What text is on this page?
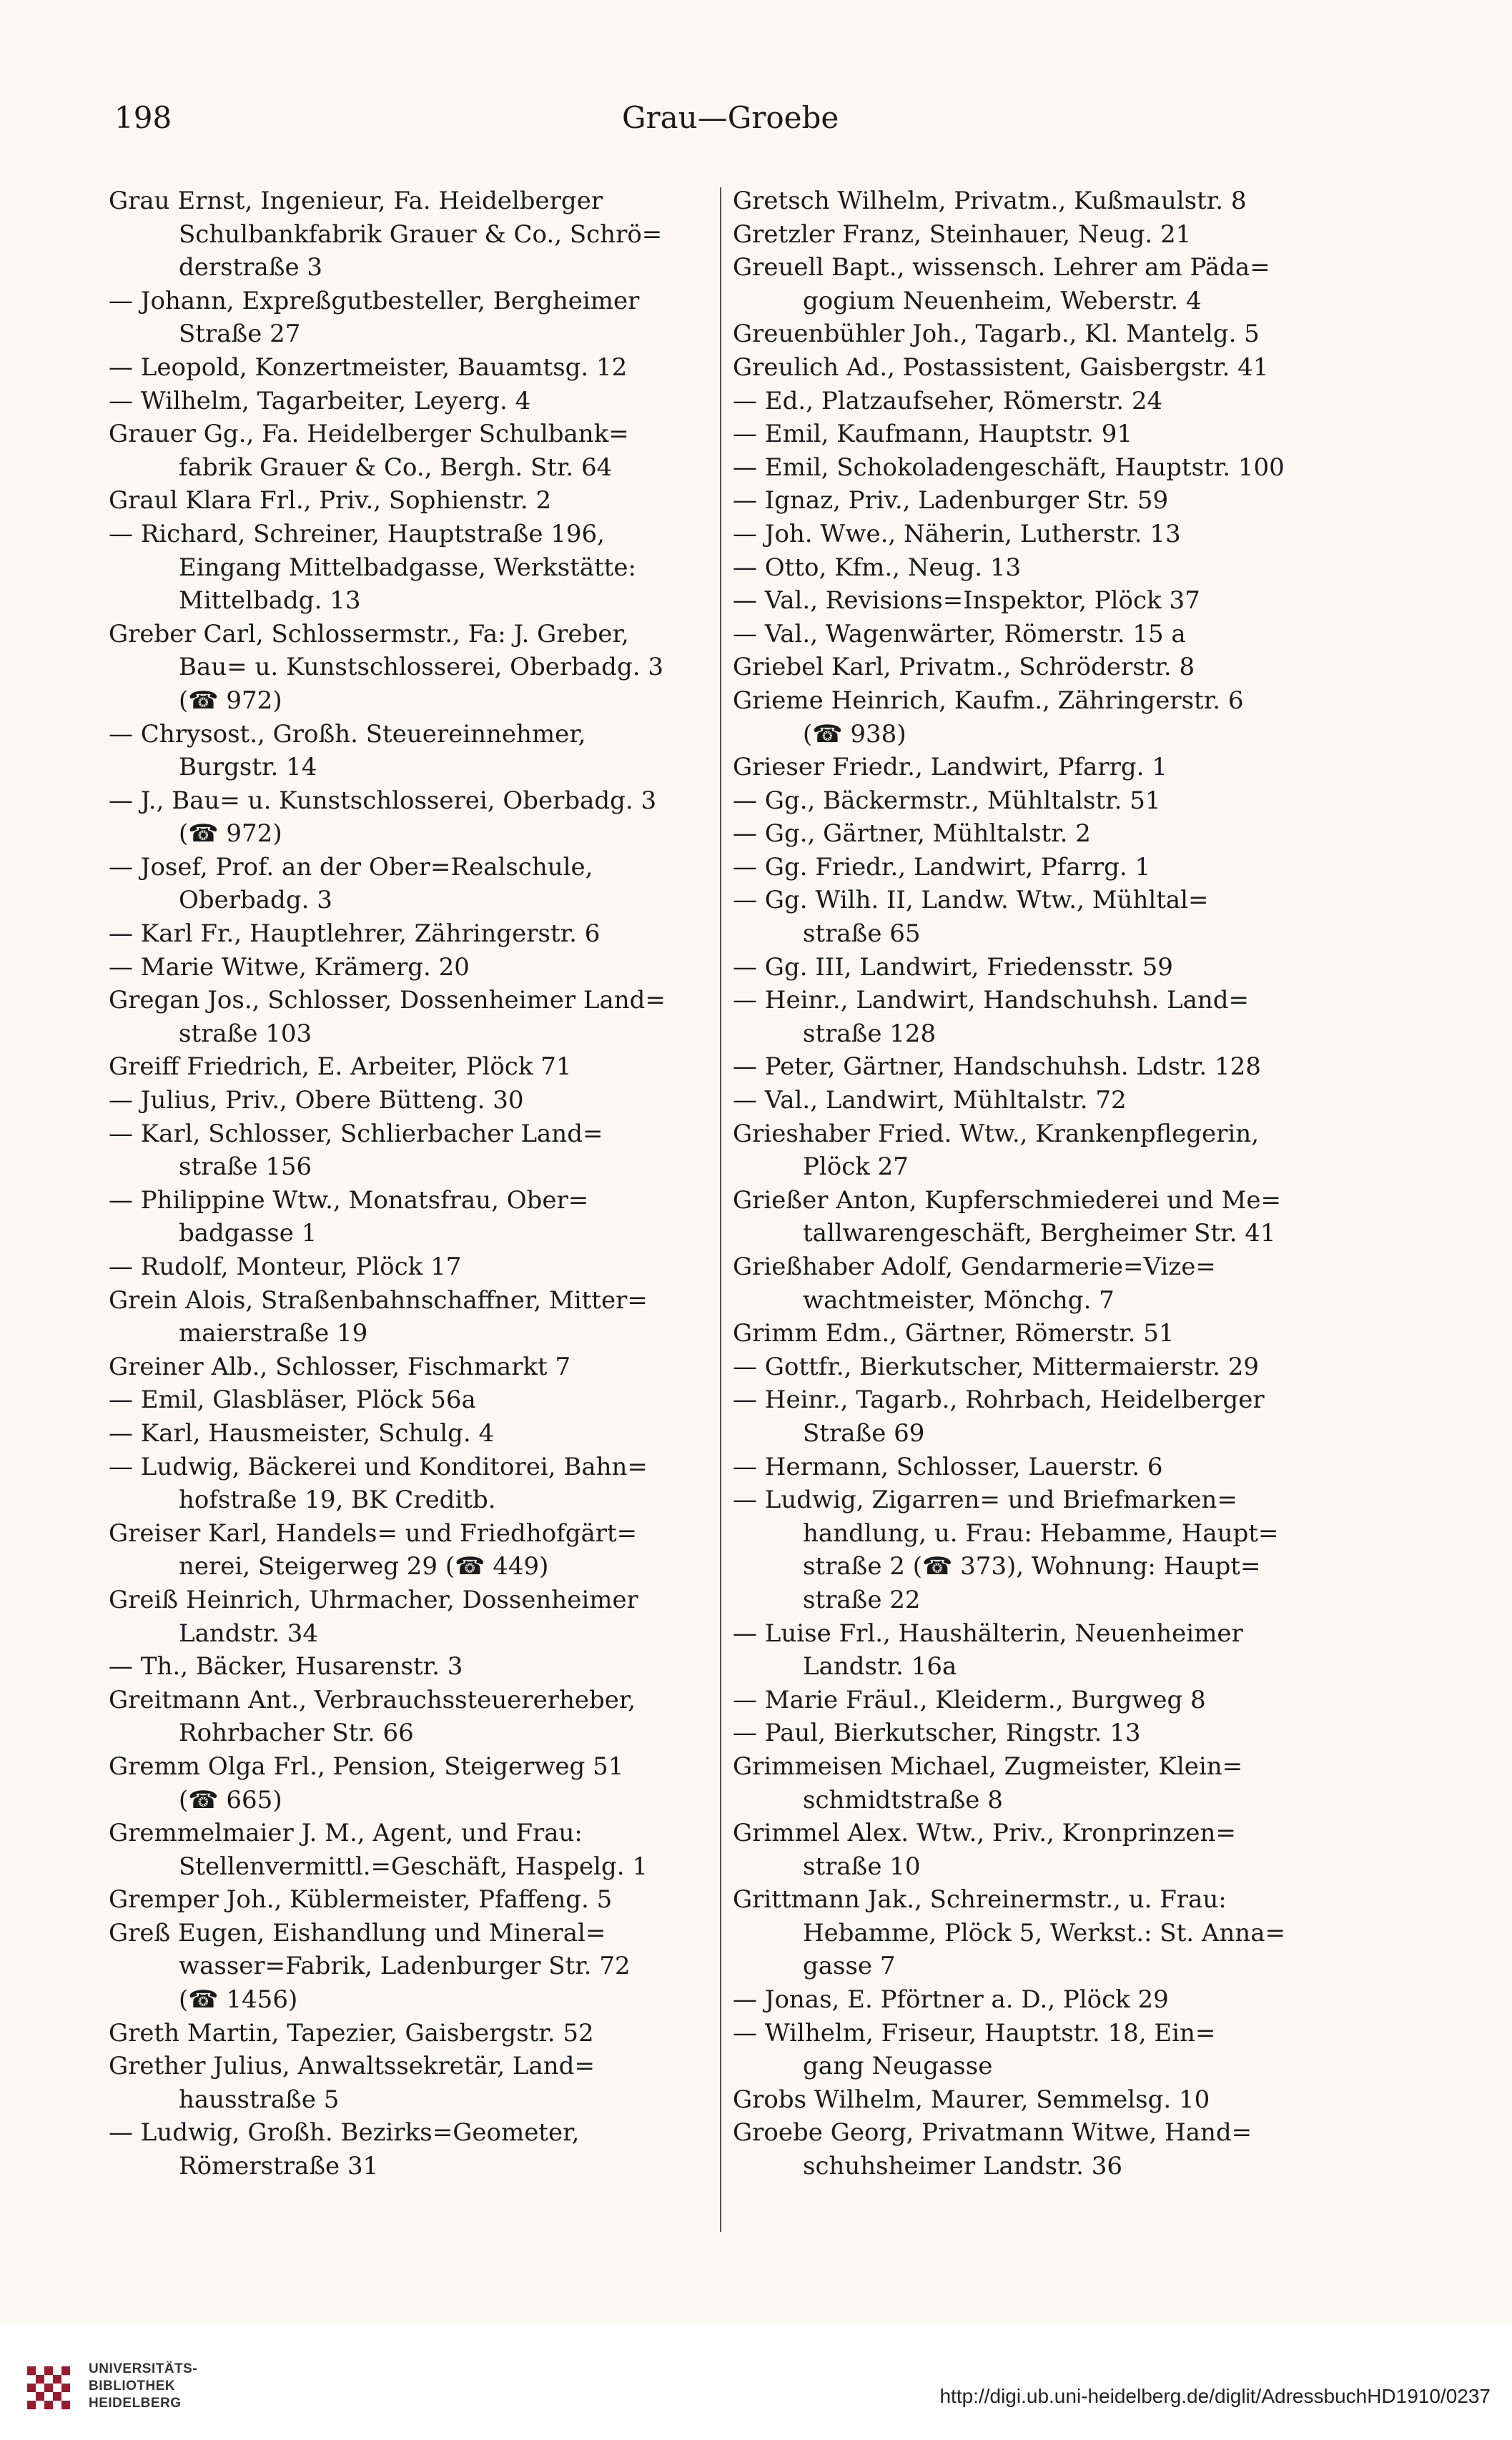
198	Grau—Groebe
Grau Ernst, Ingenieur, Fa. Heidelberger
Schulbankfabrik Grauer & Co., Schrö=
derstraße 3
— Johann, Expreßgutbesteller, Bergheimer
Straße 27
— Leopold, Konzertmeister, Bauamtsg. 12
— Wilhelm, Tagarbeiter, Leyerg. 4
Grauer Gg., Fa. Heidelberger Schulbank=
fabrik Grauer & Co., Bergh. Str. 64
Graul Klara Frl., Priv., Sophienstr. 2
— Richard, Schreiner, Hauptstraße 196,
Eingang Mittelbadgasse, Werkstätte:
Mittelbadg. 13
Greber Carl, Schlossermstr., Fa: J. Greber,
Bau= u. Kunstschlosserei, Oberbadg. 3
(☎ 972)
— Chrysost., Großh. Steuereinnehmer,
Burgstr. 14
— J., Bau= u. Kunstschlosserei, Oberbadg. 3
(☎ 972)
— Josef, Prof. an der Ober=Realschule,
Oberbadg. 3
— Karl Fr., Hauptlehrer, Zähringerstr. 6
— Marie Witwe, Krämerg. 20
Gregan Jos., Schlosser, Dossenheimer Land=
straße 103
Greiff Friedrich, E. Arbeiter, Plöck 71
— Julius, Priv., Obere Bütteng. 30
— Karl, Schlosser, Schlierbacher Land=
straße 156
— Philippine Wtw., Monatsfrau, Ober=
badgasse 1
— Rudolf, Monteur, Plöck 17
Grein Alois, Straßenbahnschaffner, Mitter=
maierstraße 19
Greiner Alb., Schlosser, Fischmarkt 7
— Emil, Glasbläser, Plöck 56a
— Karl, Hausmeister, Schulg. 4
— Ludwig, Bäckerei und Konditorei, Bahn=
hofstraße 19, BK Creditb.
Greiser Karl, Handels= und Friedhofgärt=
nerei, Steigerweg 29 (☎ 449)
Greiß Heinrich, Uhrmacher, Dossenheimer
Landstr. 34
— Th., Bäcker, Husarenstr. 3
Greitmann Ant., Verbrauchssteuererheber,
Rohrbacher Str. 66
Gremm Olga Frl., Pension, Steigerweg 51
(☎ 665)
Gremmelmaier J. M., Agent, und Frau:
Stellenvermittl.=Geschäft, Haspelg. 1
Gremper Joh., Küblermeister, Pfaffeng. 5
Greß Eugen, Eishandlung und Mineral=
wasser=Fabrik, Ladenburger Str. 72
(☎ 1456)
Greth Martin, Tapezier, Gaisbergstr. 52
Grether Julius, Anwaltssekretär, Land=
hausstraße 5
— Ludwig, Großh. Bezirks=Geometer,
Römerstraße 31
Gretsch Wilhelm, Privatm., Kußmaulstr. 8
Gretzler Franz, Steinhauer, Neug. 21
Greuell Bapt., wissensch. Lehrer am Päda=
gogium Neuenheim, Weberstr. 4
Greuenbühler Joh., Tagarb., Kl. Mantelg. 5
Greulich Ad., Postassistent, Gaisbergstr. 41
— Ed., Platzaufseher, Römerstr. 24
— Emil, Kaufmann, Hauptstr. 91
— Emil, Schokoladengeschäft, Hauptstr. 100
— Ignaz, Priv., Ladenburger Str. 59
— Joh. Wwe., Näherin, Lutherstr. 13
— Otto, Kfm., Neug. 13
— Val., Revisions=Inspektor, Plöck 37
— Val., Wagenwärter, Römerstr. 15 a
Griebel Karl, Privatm., Schröderstr. 8
Grieme Heinrich, Kaufm., Zähringerstr. 6
(☎ 938)
Grieser Friedr., Landwirt, Pfarrg. 1
— Gg., Bäckermstr., Mühltalstr. 51
— Gg., Gärtner, Mühltalstr. 2
— Gg. Friedr., Landwirt, Pfarrg. 1
— Gg. Wilh. II, Landw. Wtw., Mühltal=
straße 65
— Gg. III, Landwirt, Friedensstr. 59
— Heinr., Landwirt, Handschuhsh. Land=
straße 128
— Peter, Gärtner, Handschuhsh. Ldstr. 128
— Val., Landwirt, Mühltalstr. 72
Grieshaber Fried. Wtw., Krankenpflegerin,
Plöck 27
Grießer Anton, Kupferschmiederei und Me=
tallwarengeschäft, Bergheimer Str. 41
Grießhaber Adolf, Gendarmerie=Vize=
wachtmeister, Mönchg. 7
Grimm Edm., Gärtner, Römerstr. 51
— Gottfr., Bierkutscher, Mittermaierstr. 29
— Heinr., Tagarb., Rohrbach, Heidelberger
Straße 69
— Hermann, Schlosser, Lauerstr. 6
— Ludwig, Zigarren= und Briefmarken=
handlung, u. Frau: Hebamme, Haupt=
straße 2 (☎ 373), Wohnung: Haupt=
straße 22
— Luise Frl., Haushälterin, Neuenheimer
Landstr. 16a
— Marie Fräul., Kleiderm., Burgweg 8
— Paul, Bierkutscher, Ringstr. 13
Grimmeisen Michael, Zugmeister, Klein=
schmidtstraße 8
Grimmel Alex. Wtw., Priv., Kronprinzen=
straße 10
Grittmann Jak., Schreinermstr., u. Frau:
Hebamme, Plöck 5, Werkst.: St. Anna=
gasse 7
— Jonas, E. Pförtner a. D., Plöck 29
— Wilhelm, Friseur, Hauptstr. 18, Ein=
gang Neugasse
Grobs Wilhelm, Maurer, Semmelsg. 10
Groebe Georg, Privatmann Witwe, Hand=
schuhsheimer Landstr. 36
UNIVERSITÄTS-
BIBLIOTHEK
HEIDELBERG	http://digi.ub.uni-heidelberg.de/diglit/AdressbuchHD1910/0237
